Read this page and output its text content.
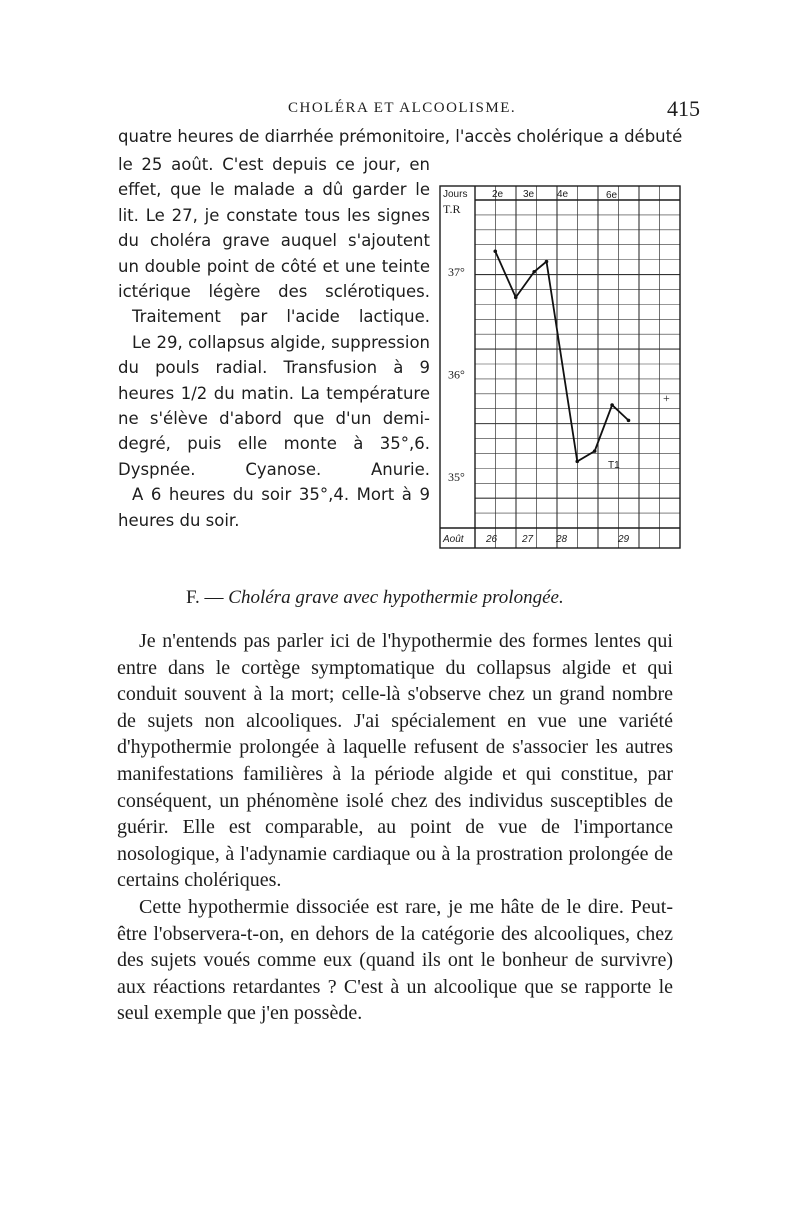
CHOLÉRA ET ALCOOLISME.	415
quatre heures de diarrhée prémonitoire, l'accès cholérique a débuté

le 25 août. C'est depuis ce jour, en effet, que le malade a dû garder le lit. Le 27, je constate tous les signes du choléra grave auquel s'ajoutent un double point de côté et une teinte ictérique légère des sclérotiques.

Traitement par l'acide lactique.

Le 29, collapsus algide, suppression du pouls radial. Transfusion à 9 heures 1/2 du matin. La température ne s'élève d'abord que d'un demi-degré, puis elle monte à 35°,6. Dyspnée. Cyanose. Anurie.

A 6 heures du soir 35°,4. Mort à 9 heures du soir.

Jours
T.R
2e 3e 4e	6e
37°
36°
35°
Août 26 27 28	29
+
T1
F. — Choléra grave avec hypothermie prolongée.

Je n'entends pas parler ici de l'hypothermie des formes lentes qui entre dans le cortège symptomatique du collapsus algide et qui conduit souvent à la mort; celle-là s'observe chez un grand nombre de sujets non alcooliques. J'ai spécialement en vue une variété d'hypothermie prolongée à laquelle refusent de s'associer les autres manifestations familières à la période algide et qui constitue, par conséquent, un phénomène isolé chez des individus susceptibles de guérir. Elle est comparable, au point de vue de l'importance nosologique, à l'adynamie cardiaque ou à la prostration prolongée de certains cholériques.

Cette hypothermie dissociée est rare, je me hâte de le dire. Peut-être l'observera-t-on, en dehors de la catégorie des alcooliques, chez des sujets voués comme eux (quand ils ont le bonheur de survivre) aux réactions retardantes ? C'est à un alcoolique que se rapporte le seul exemple que j'en possède.
